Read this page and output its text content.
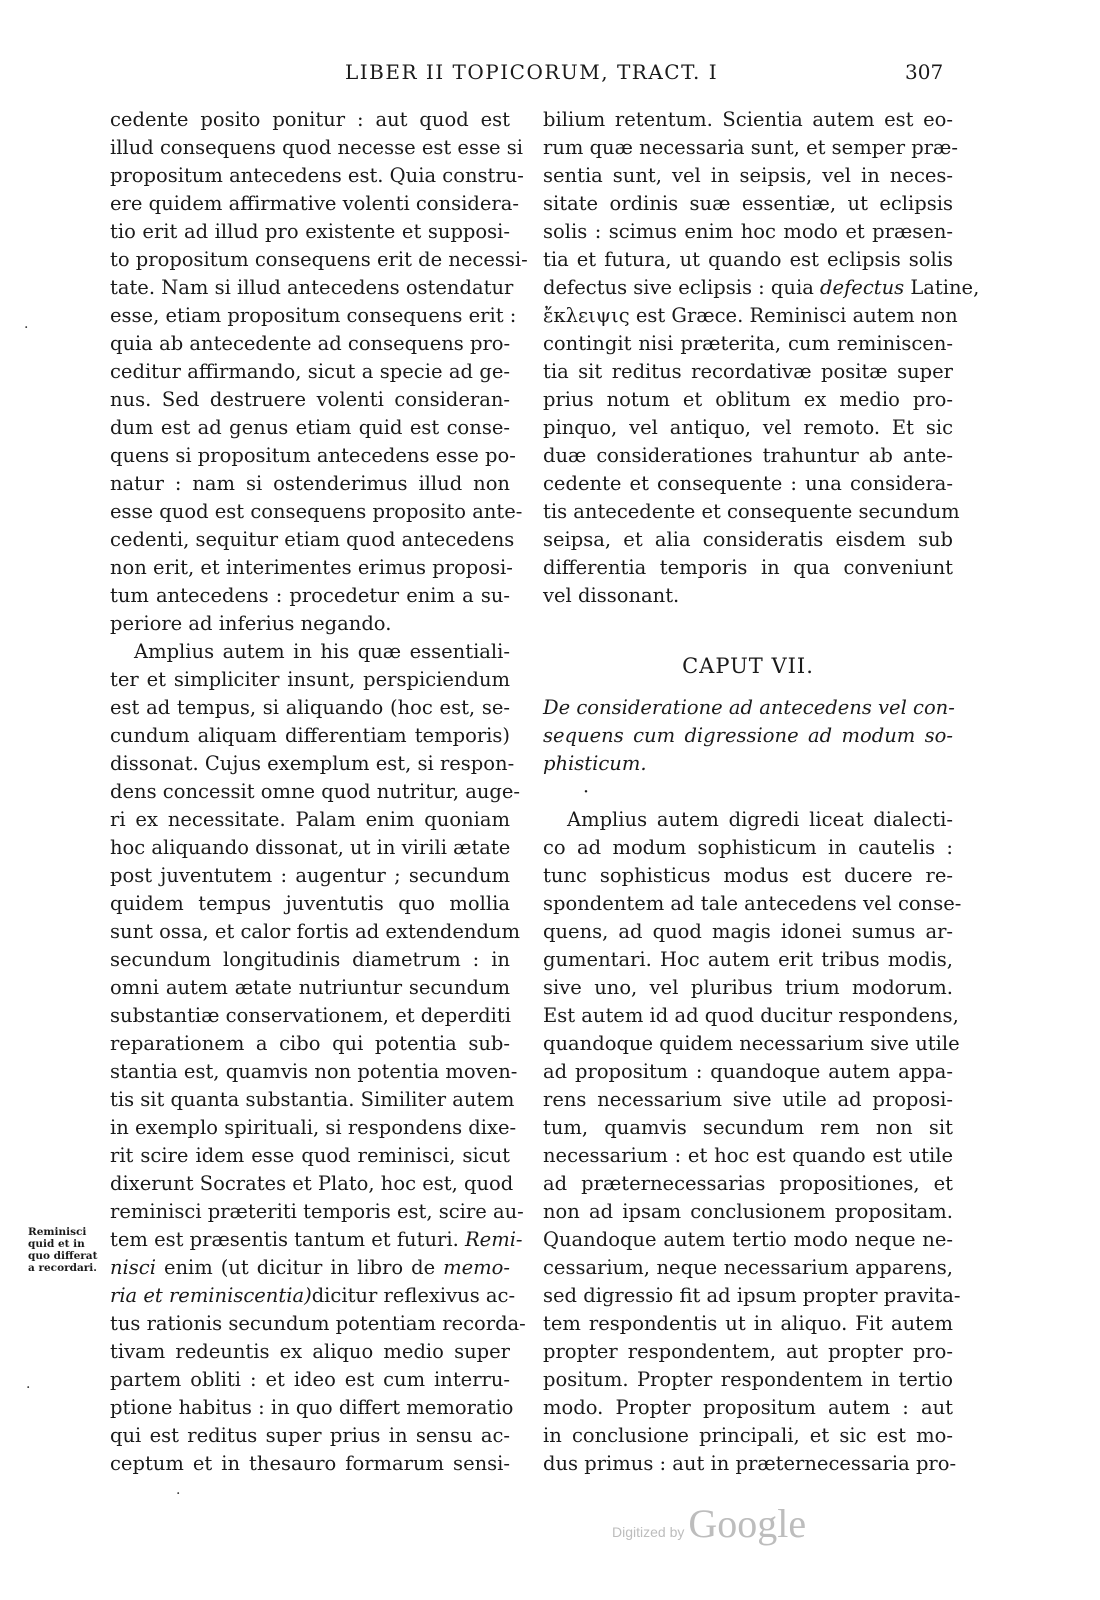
LIBER II TOPICORUM, TRACT. I	307
cedente posito ponitur : aut quod est
illud consequens quod necesse est esse si
propositum antecedens est. Quia constru-
ere quidem affirmative volenti considera-
tio erit ad illud pro existente et supposi-
to propositum consequens erit de necessi-
tate. Nam si illud antecedens ostendatur
esse, etiam propositum consequens erit :
quia ab antecedente ad consequens pro-
ceditur affirmando, sicut a specie ad ge-
nus. Sed destruere volenti consideran-
dum est ad genus etiam quid est conse-
quens si propositum antecedens esse po-
natur : nam si ostenderimus illud non
esse quod est consequens proposito ante-
cedenti, sequitur etiam quod antecedens
non erit, et interimentes erimus proposi-
tum antecedens : procedetur enim a su-
periore ad inferius negando.
Amplius autem in his quæ essentiali-
ter et simpliciter insunt, perspiciendum
est ad tempus, si aliquando (hoc est, se-
cundum aliquam differentiam temporis)
dissonat. Cujus exemplum est, si respon-
dens concessit omne quod nutritur, auge-
ri ex necessitate. Palam enim quoniam
hoc aliquando dissonat, ut in virili ætate
post juventutem : augentur ; secundum
quidem tempus juventutis quo mollia
sunt ossa, et calor fortis ad extendendum
secundum longitudinis diametrum : in
omni autem ætate nutriuntur secundum
substantiæ conservationem, et deperditi
reparationem a cibo qui potentia sub-
stantia est, quamvis non potentia moven-
tis sit quanta substantia. Similiter autem
in exemplo spirituali, si respondens dixe-
rit scire idem esse quod reminisci, sicut
dixerunt Socrates et Plato, hoc est, quod
reminisci præteriti temporis est, scire au-
tem est præsentis tantum et futuri. Remi-
nisci enim (ut dicitur in libro de memo-
ria et reminiscentia)dicitur reflexivus ac-
tus rationis secundum potentiam recorda-
tivam redeuntis ex aliquo medio super
partem obliti : et ideo est cum interru-
ptione habitus : in quo differt memoratio
qui est reditus super prius in sensu ac-
ceptum et in thesauro formarum sensi-
bilium retentum. Scientia autem est eo-
rum quæ necessaria sunt, et semper præ-
sentia sunt, vel in seipsis, vel in neces-
sitate ordinis suæ essentiæ, ut eclipsis
solis : scimus enim hoc modo et præsen-
tia et futura, ut quando est eclipsis solis
defectus sive eclipsis : quia defectus Latine,
ἔκλειψις est Græce. Reminisci autem non
contingit nisi præterita, cum reminiscen-
tia sit reditus recordativæ positæ super
prius notum et oblitum ex medio pro-
pinquo, vel antiquo, vel remoto. Et sic
duæ considerationes trahuntur ab ante-
cedente et consequente : una considera-
tis antecedente et consequente secundum
seipsa, et alia consideratis eisdem sub
differentia temporis in qua conveniunt
vel dissonant.
CAPUT VII.
De consideratione ad antecedens vel con-
sequens cum digressione ad modum so-
phisticum.
·
Amplius autem digredi liceat dialecti-
co ad modum sophisticum in cautelis :
tunc sophisticus modus est ducere re-
spondentem ad tale antecedens vel conse-
quens, ad quod magis idonei sumus ar-
gumentari. Hoc autem erit tribus modis,
sive uno, vel pluribus trium modorum.
Est autem id ad quod ducitur respondens,
quandoque quidem necessarium sive utile
ad propositum : quandoque autem appa-
rens necessarium sive utile ad proposi-
tum, quamvis secundum rem non sit
necessarium : et hoc est quando est utile
ad præternecessarias propositiones, et
non ad ipsam conclusionem propositam.
Quandoque autem tertio modo neque ne-
cessarium, neque necessarium apparens,
sed digressio fit ad ipsum propter pravita-
tem respondentis ut in aliquo. Fit autem
propter respondentem, aut propter pro-
positum. Propter respondentem in tertio
modo. Propter propositum autem : aut
in conclusione principali, et sic est mo-
dus primus : aut in præternecessaria pro-
Reminisci
quid et in
quo differat
a recordari.
·
·
·
Digitized by Google
